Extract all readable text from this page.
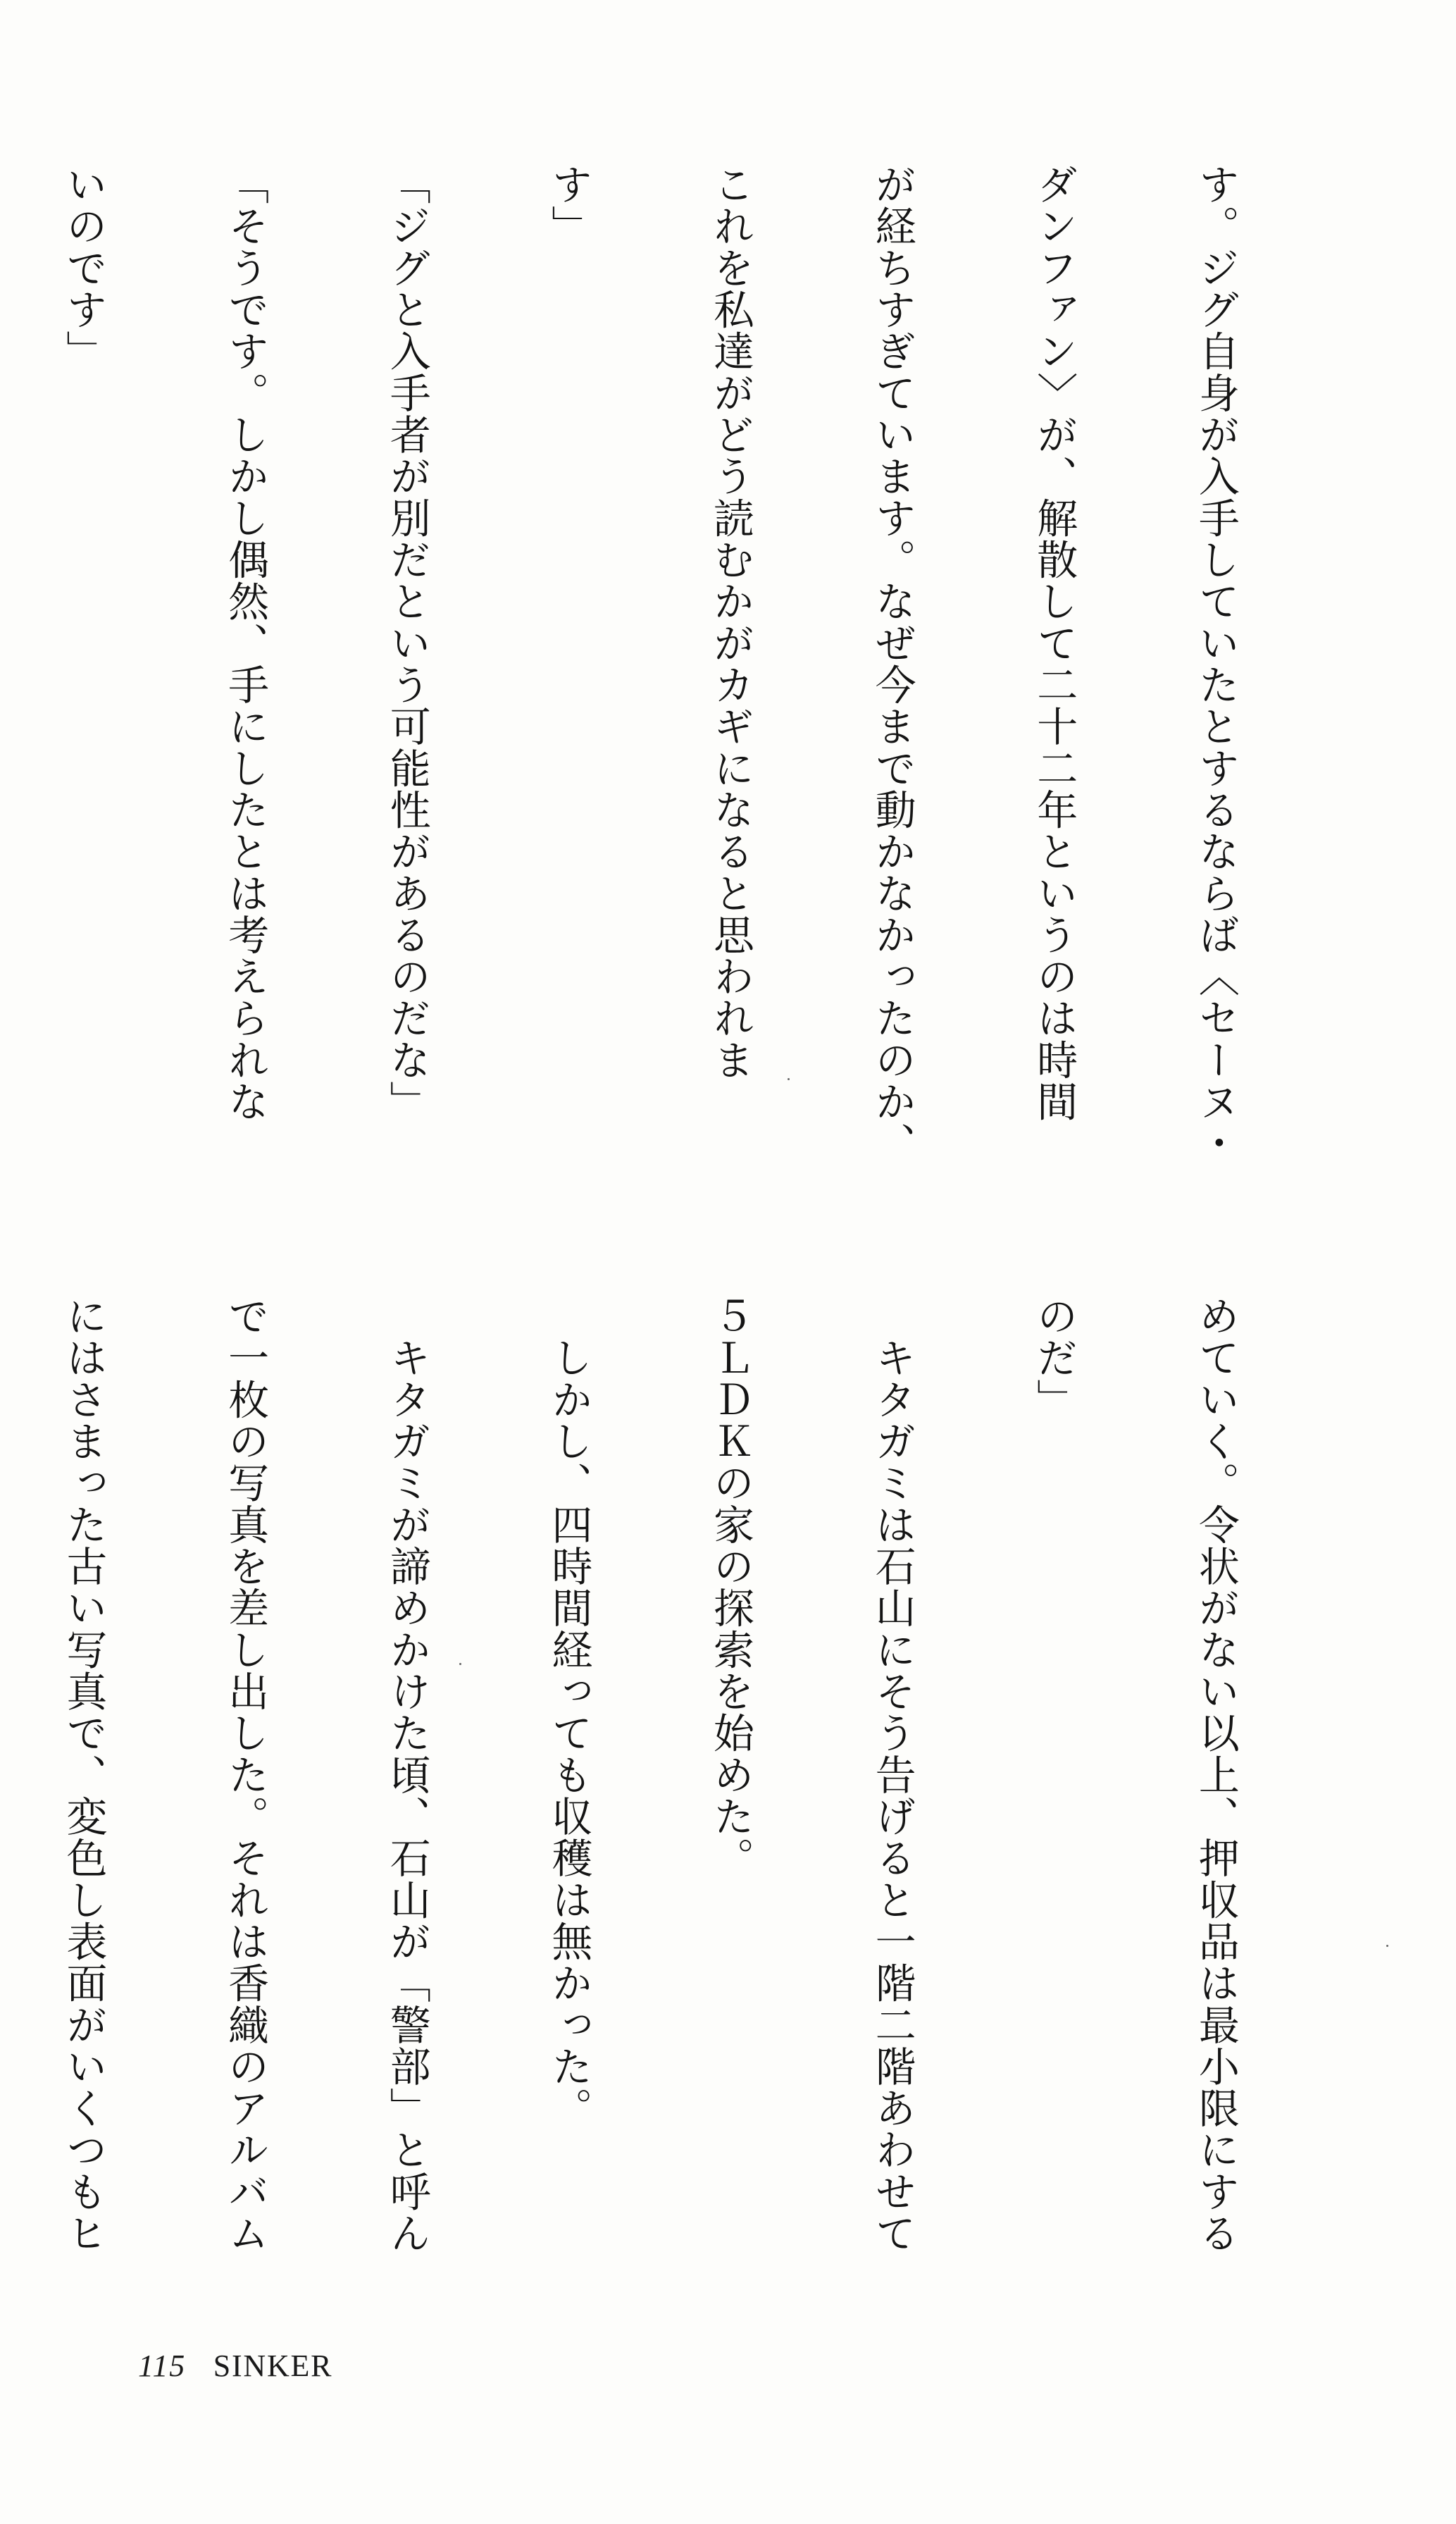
す。ジグ自身が入手していたとするならば〈セーヌ・

ダンファン〉が、解散して二十二年というのは時間

が経ちすぎています。なぜ今まで動かなかったのか、

これを私達がどう読むかがカギになると思われま

す」

「ジグと入手者が別だという可能性があるのだな」

「そうです。しかし偶然、手にしたとは考えられな

いのです」

めていく。令状がない以上、押収品は最小限にする

のだ」

　キタガミは石山にそう告げると一階二階あわせて

５ＬＤＫの家の探索を始めた。

　しかし、四時間経っても収穫は無かった。

　キタガミが諦めかけた頃、石山が「警部」と呼ん

で一枚の写真を差し出した。それは香織のアルバム

にはさまった古い写真で、変色し表面がいくつもヒ

115 SINKER
